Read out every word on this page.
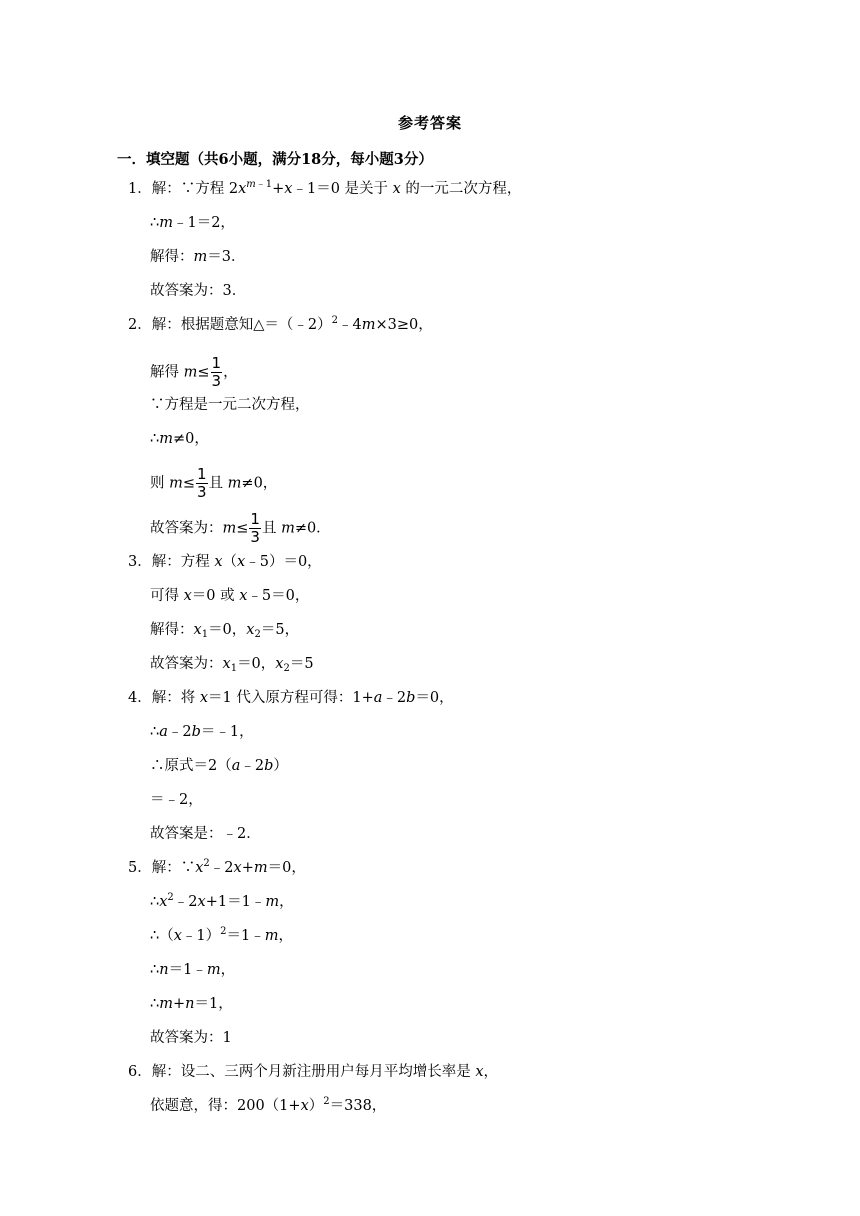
参考答案
一．填空题（共6小题，满分18分，每小题3分）
1．解：∵方程 $2x^{m﹣1}+x﹣1=0$ 是关于 x 的一元二次方程，
∴m﹣1＝2，
解得：m＝3．
故答案为：3．
2．解：根据题意知△＝（﹣2）$^2$﹣4m×3≥0，
解得 $m\le \frac{1}{3}$ ，
∵方程是一元二次方程，
∴m≠0，
则 $m\le \frac{1}{3}$ 且 m≠0，
故答案为：$m\le \frac{1}{3}$ 且 m≠0．
3．解：方程 x（x﹣5）＝0，
可得 x＝0 或 x﹣5＝0，
解得：$x_1=0$，$x_2=5$，
故答案为：$x_1=0$，$x_2=5$
4．解：将 x＝1 代入原方程可得：1+a﹣2b＝0，
∴a﹣2b＝﹣1，
∴原式＝2（a﹣2b）
＝﹣2，
故答案是：﹣2．
5．解：$\because x^2﹣2x+m=0$，
$\therefore x^2﹣2x+1=1﹣m$，
∴（x﹣1）$^2$＝1﹣m，
∴n＝1﹣m，
∴m+n＝1，
故答案为：1
6．解：设二、三两个月新注册用户每月平均增长率是 x，
依题意，得：$200(1+x)^2=338$，
